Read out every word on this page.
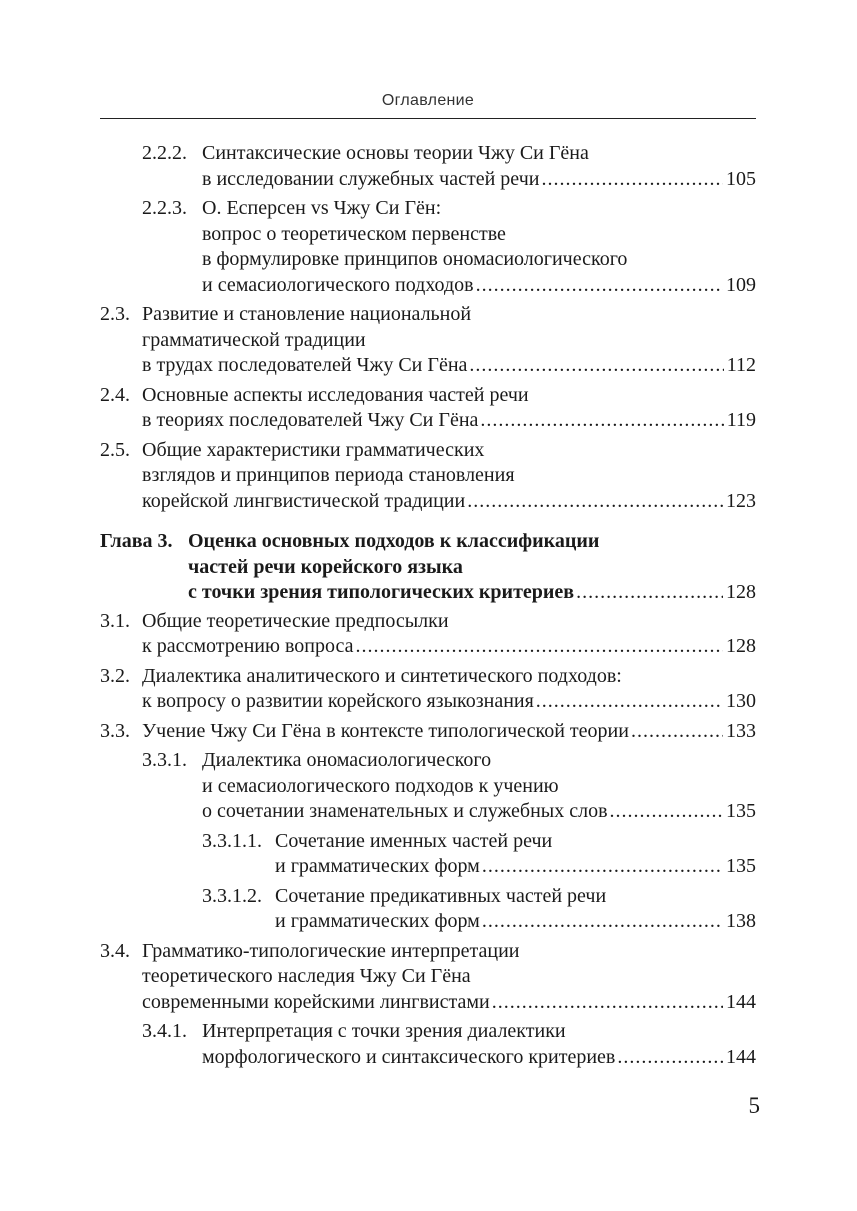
Оглавление
2.2.2. Синтаксические основы теории Чжу Си Гёна
в исследовании служебных частей речи .....	105
2.2.3. О. Есперсен vs Чжу Си Гён:
вопрос о теоретическом первенстве
в формулировке принципов ономасиологического
и семасиологического подходов .....	109
2.3. Развитие и становление национальной
грамматической традиции
в трудах последователей Чжу Си Гёна .....	112
2.4. Основные аспекты исследования частей речи
в теориях последователей Чжу Си Гёна .....	119
2.5. Общие характеристики грамматических
взглядов и принципов периода становления
корейской лингвистической традиции .....	123
Глава 3. Оценка основных подходов к классификации
частей речи корейского языка
с точки зрения типологических критериев .....	128
3.1. Общие теоретические предпосылки
к рассмотрению вопроса .....	128
3.2. Диалектика аналитического и синтетического подходов:
к вопросу о развитии корейского языкознания .....	130
3.3. Учение Чжу Си Гёна в контексте типологической теории .....	133
3.3.1. Диалектика ономасиологического
и семасиологического подходов к учению
о сочетании знаменательных и служебных слов .....	135
3.3.1.1. Сочетание именных частей речи
и грамматических форм .....	135
3.3.1.2. Сочетание предикативных частей речи
и грамматических форм .....	138
3.4. Грамматико-типологические интерпретации
теоретического наследия Чжу Си Гёна
современными корейскими лингвистами .....	144
3.4.1. Интерпретация с точки зрения диалектики
морфологического и синтаксического критериев .....	144
5
